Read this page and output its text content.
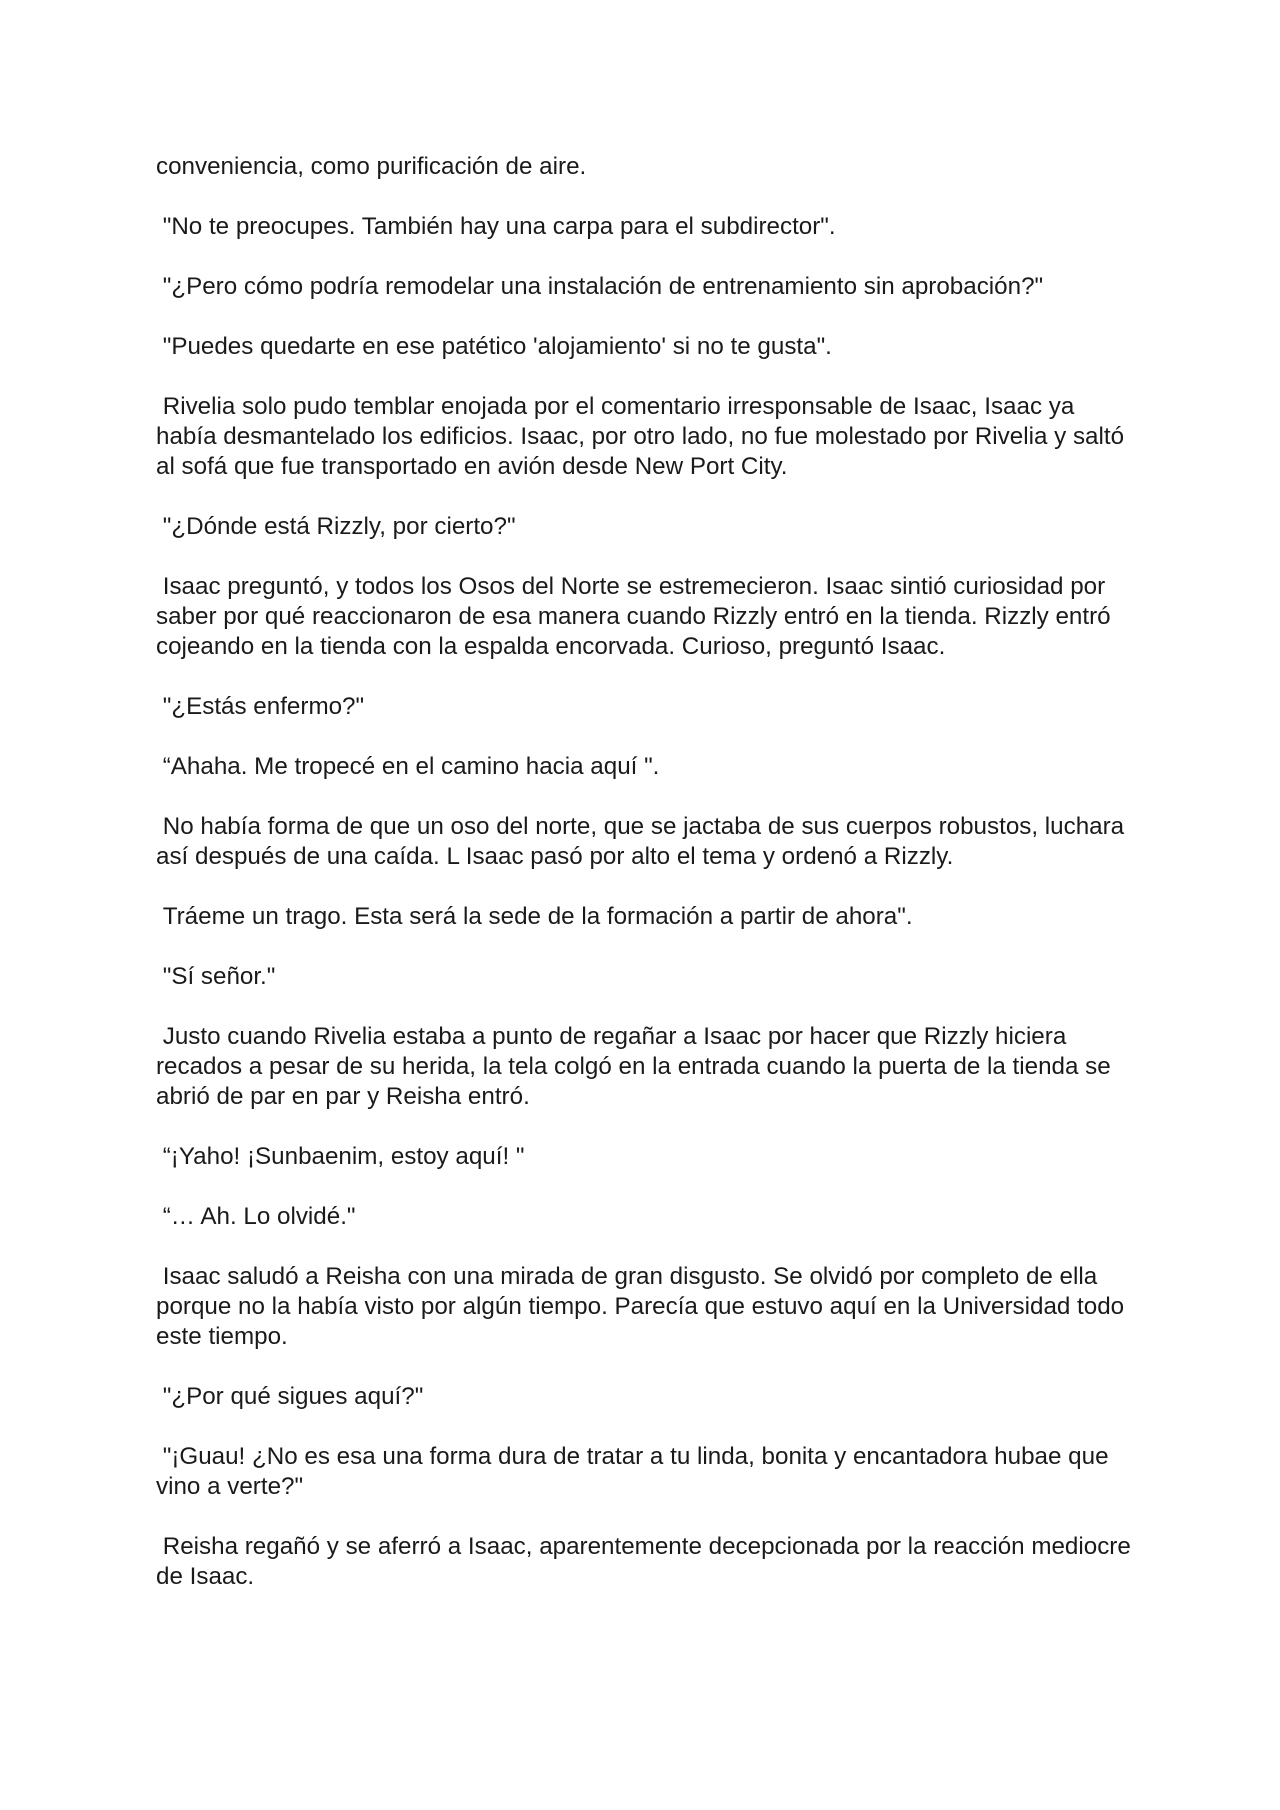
conveniencia, como purificación de aire.

"No te preocupes. También hay una carpa para el subdirector".

"¿Pero cómo podría remodelar una instalación de entrenamiento sin aprobación?"

"Puedes quedarte en ese patético 'alojamiento' si no te gusta".

Rivelia solo pudo temblar enojada por el comentario irresponsable de Isaac, Isaac ya había desmantelado los edificios. Isaac, por otro lado, no fue molestado por Rivelia y saltó al sofá que fue transportado en avión desde New Port City.

"¿Dónde está Rizzly, por cierto?"

Isaac preguntó, y todos los Osos del Norte se estremecieron. Isaac sintió curiosidad por saber por qué reaccionaron de esa manera cuando Rizzly entró en la tienda. Rizzly entró cojeando en la tienda con la espalda encorvada. Curioso, preguntó Isaac.

"¿Estás enfermo?"

“Ahaha. Me tropecé en el camino hacia aquí ".

No había forma de que un oso del norte, que se jactaba de sus cuerpos robustos, luchara así después de una caída. L Isaac pasó por alto el tema y ordenó a Rizzly.

Tráeme un trago. Esta será la sede de la formación a partir de ahora".

"Sí señor."

Justo cuando Rivelia estaba a punto de regañar a Isaac por hacer que Rizzly hiciera recados a pesar de su herida, la tela colgó en la entrada cuando la puerta de la tienda se abrió de par en par y Reisha entró.

“¡Yaho! ¡Sunbaenim, estoy aquí! "

“… Ah. Lo olvidé."

Isaac saludó a Reisha con una mirada de gran disgusto. Se olvidó por completo de ella porque no la había visto por algún tiempo. Parecía que estuvo aquí en la Universidad todo este tiempo.

"¿Por qué sigues aquí?"

"¡Guau! ¿No es esa una forma dura de tratar a tu linda, bonita y encantadora hubae que vino a verte?"

Reisha regañó y se aferró a Isaac, aparentemente decepcionada por la reacción mediocre de Isaac.
